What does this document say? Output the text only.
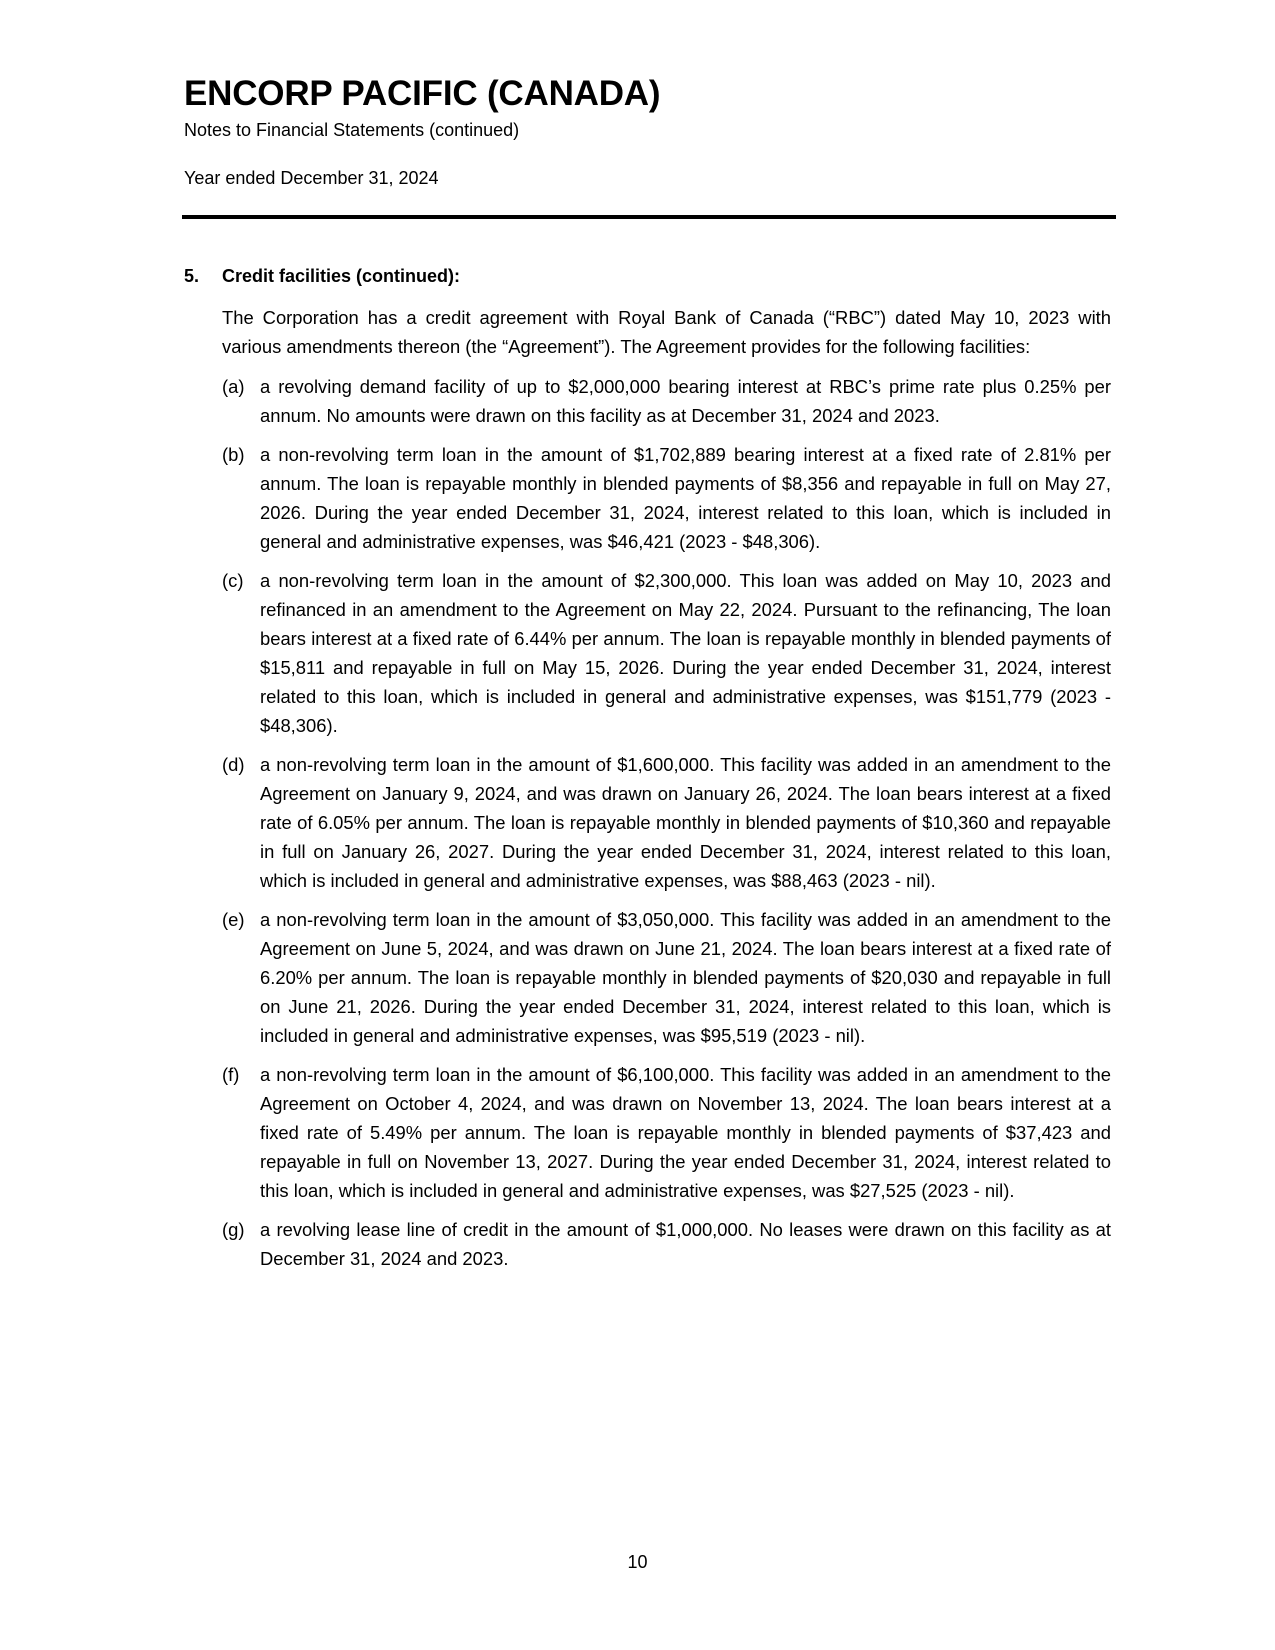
ENCORP PACIFIC (CANADA)
Notes to Financial Statements (continued)
Year ended December 31, 2024
5. Credit facilities (continued):

The Corporation has a credit agreement with Royal Bank of Canada (“RBC”) dated May 10, 2023 with various amendments thereon (the “Agreement”). The Agreement provides for the following facilities:

(a) a revolving demand facility of up to $2,000,000 bearing interest at RBC’s prime rate plus 0.25% per annum. No amounts were drawn on this facility as at December 31, 2024 and 2023.

(b) a non-revolving term loan in the amount of $1,702,889 bearing interest at a fixed rate of 2.81% per annum. The loan is repayable monthly in blended payments of $8,356 and repayable in full on May 27, 2026. During the year ended December 31, 2024, interest related to this loan, which is included in general and administrative expenses, was $46,421 (2023 - $48,306).

(c) a non-revolving term loan in the amount of $2,300,000. This loan was added on May 10, 2023 and refinanced in an amendment to the Agreement on May 22, 2024. Pursuant to the refinancing, The loan bears interest at a fixed rate of 6.44% per annum. The loan is repayable monthly in blended payments of $15,811 and repayable in full on May 15, 2026. During the year ended December 31, 2024, interest related to this loan, which is included in general and administrative expenses, was $151,779 (2023 - $48,306).

(d) a non-revolving term loan in the amount of $1,600,000. This facility was added in an amendment to the Agreement on January 9, 2024, and was drawn on January 26, 2024. The loan bears interest at a fixed rate of 6.05% per annum. The loan is repayable monthly in blended payments of $10,360 and repayable in full on January 26, 2027. During the year ended December 31, 2024, interest related to this loan, which is included in general and administrative expenses, was $88,463 (2023 - nil).

(e) a non-revolving term loan in the amount of $3,050,000. This facility was added in an amendment to the Agreement on June 5, 2024, and was drawn on June 21, 2024. The loan bears interest at a fixed rate of 6.20% per annum. The loan is repayable monthly in blended payments of $20,030 and repayable in full on June 21, 2026. During the year ended December 31, 2024, interest related to this loan, which is included in general and administrative expenses, was $95,519 (2023 - nil).

(f) a non-revolving term loan in the amount of $6,100,000. This facility was added in an amendment to the Agreement on October 4, 2024, and was drawn on November 13, 2024. The loan bears interest at a fixed rate of 5.49% per annum. The loan is repayable monthly in blended payments of $37,423 and repayable in full on November 13, 2027. During the year ended December 31, 2024, interest related to this loan, which is included in general and administrative expenses, was $27,525 (2023 - nil).

(g) a revolving lease line of credit in the amount of $1,000,000. No leases were drawn on this facility as at December 31, 2024 and 2023.

10
